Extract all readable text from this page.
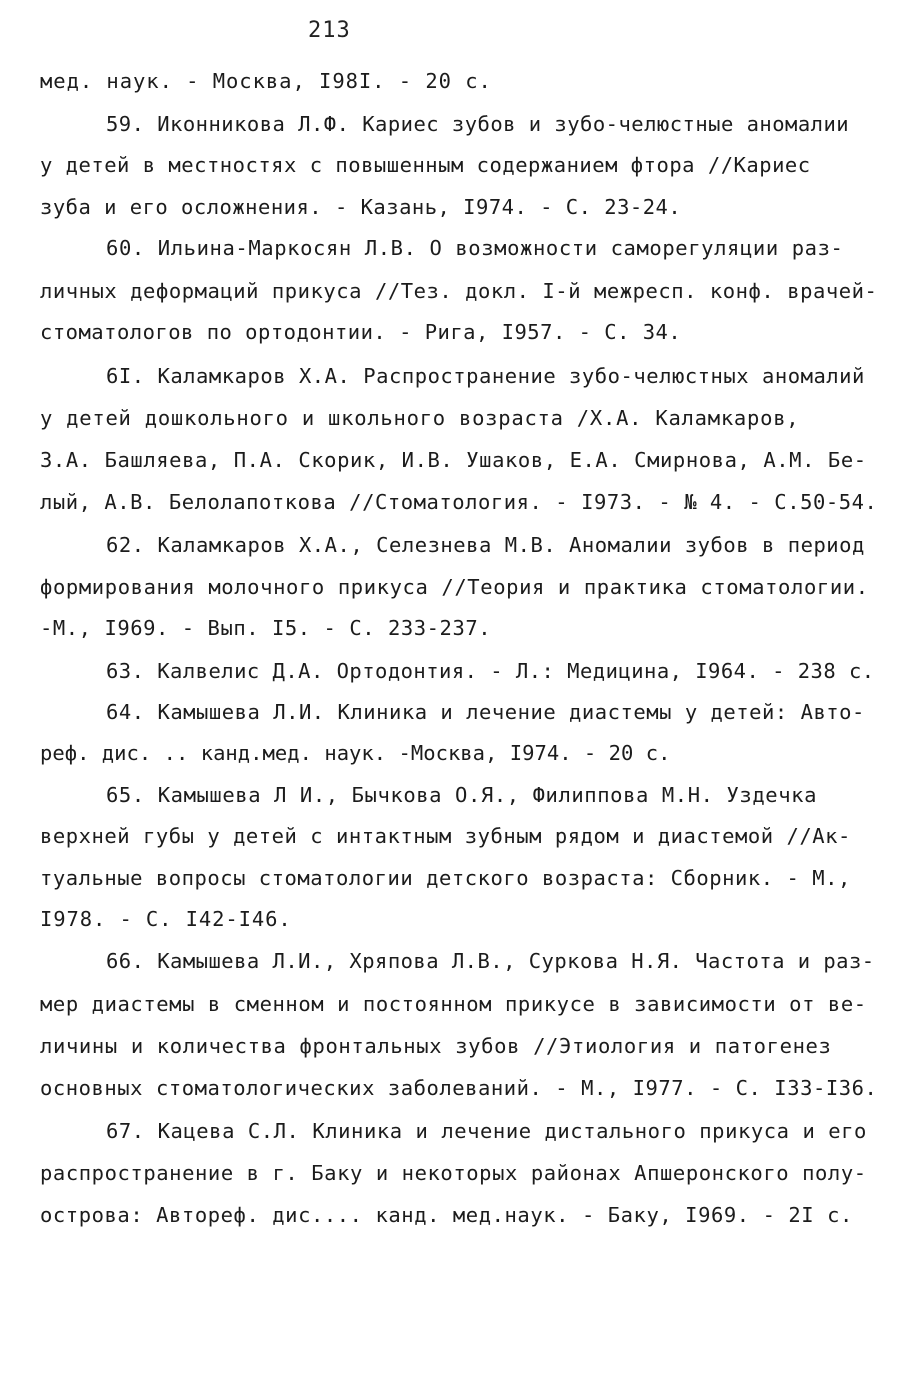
213
мед. наук. - Москва, I98I. - 20 с.
59. Иконникова Л.Ф. Кариес зубов и зубо-челюстные аномалии
у детей в местностях с повышенным содержанием фтора //Кариес
зуба и его осложнения. - Казань, I974. - С. 23-24.
60. Ильина-Маркосян Л.В. О возможности саморегуляции раз-
личных деформаций прикуса //Тез. докл. I-й межресп. конф. врачей-
стоматологов по ортодонтии. - Рига, I957. - С. 34.
6I. Каламкаров Х.А. Распространение зубо-челюстных аномалий
у детей дошкольного и школьного возраста /Х.А. Каламкаров,
З.А. Башляева, П.А. Скорик, И.В. Ушаков, Е.А. Смирнова, А.М. Бе-
лый, А.В. Белолапоткова //Стоматология. - I973. - № 4. - С.50-54.
62. Каламкаров Х.А., Селезнева М.В. Аномалии зубов в период
формирования молочного прикуса //Теория и практика стоматологии.
-М., I969. - Вып. I5. - С. 233-237.
63. Калвелис Д.А. Ортодонтия. - Л.: Медицина, I964. - 238 с.
64. Камышева Л.И. Клиника и лечение диастемы у детей: Авто-
реф. дис. .. канд.мед. наук. -Москва, I974. - 20 с.
65. Камышева Л И., Бычкова О.Я., Филиппова М.Н. Уздечка
верхней губы у детей с интактным зубным рядом и диастемой //Ак-
туальные вопросы стоматологии детского возраста: Сборник. - М.,
I978. - С. I42-I46.
66. Камышева Л.И., Хряпова Л.В., Суркова Н.Я. Частота и раз-
мер диастемы в сменном и постоянном прикусе в зависимости от ве-
личины и количества фронтальных зубов //Этиология и патогенез
основных стоматологических заболеваний. - М., I977. - С. I33-I36.
67. Кацева С.Л. Клиника и лечение дистального прикуса и его
распространение в г. Баку и некоторых районах Апшеронского полу-
острова: Автореф. дис.... канд. мед.наук. - Баку, I969. - 2I с.
